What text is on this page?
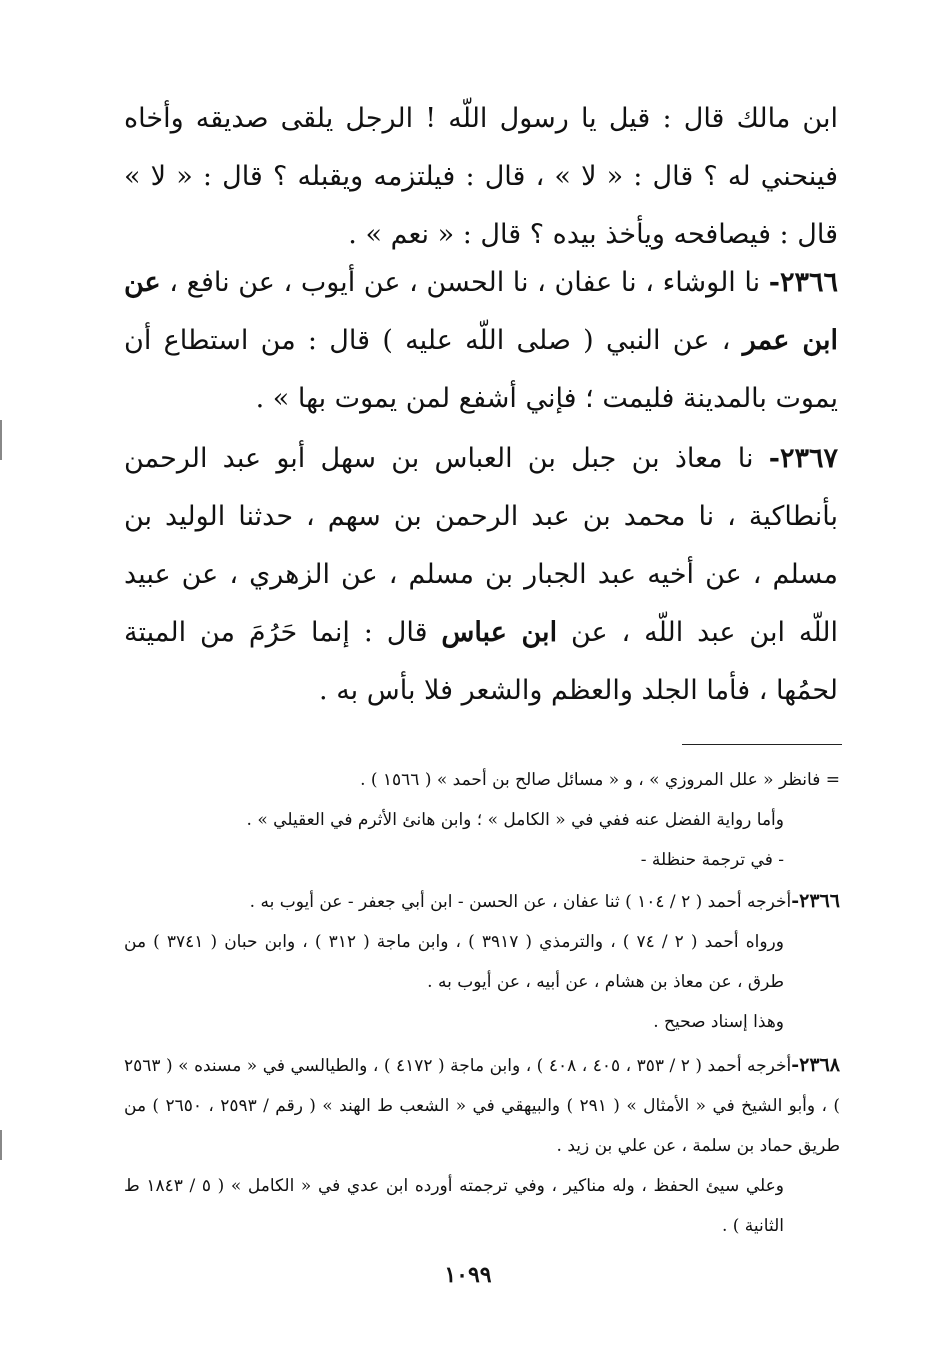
ابن مالك قال : قيل يا رسول اللّه ! الرجل يلقى صديقه وأخاه فينحني له ؟ قال : « لا » ، قال : فيلتزمه ويقبله ؟ قال : « لا » قال : فيصافحه ويأخذ بيده ؟ قال : « نعم » .
٢٣٦٦- نا الوشاء ، نا عفان ، نا الحسن ، عن أيوب ، عن نافع ، عن ابن عمر ، عن النبي ( صلى اللّه عليه ) قال : من استطاع أن يموت بالمدينة فليمت ؛ فإني أشفع لمن يموت بها » .
٢٣٦٧- نا معاذ بن جبل بن العباس بن سهل أبو عبد الرحمن بأنطاكية ، نا محمد بن عبد الرحمن بن سهم ، حدثنا الوليد بن مسلم ، عن أخيه عبد الجبار بن مسلم ، عن الزهري ، عن عبيد اللّه ابن عبد اللّه ، عن ابن عباس قال : إنما حَرُمَ من الميتة لحمُها ، فأما الجلد والعظم والشعر فلا بأس به .
= فانظر « علل المروزي » ، و « مسائل صالح بن أحمد » ( ١٥٦٦ ) .
وأما رواية الفضل عنه ففي في « الكامل » ؛ وابن هانئ الأثرم في العقيلي » .
- في ترجمة حنظلة -
٢٣٦٦-أخرجه أحمد ( ٢ / ١٠٤ ) ثنا عفان ، عن الحسن - ابن أبي جعفر - عن أيوب به .
ورواه أحمد ( ٢ / ٧٤ ) ، والترمذي ( ٣٩١٧ ) ، وابن ماجة ( ٣١٢ ) ، وابن حبان ( ٣٧٤١ ) من طرق ، عن معاذ بن هشام ، عن أبيه ، عن أيوب به .
وهذا إسناد صحيح .
٢٣٦٨-أخرجه أحمد ( ٢ / ٣٥٣ ، ٤٠٥ ، ٤٠٨ ) ، وابن ماجة ( ٤١٧٢ ) ، والطيالسي في « مسنده » ( ٢٥٦٣ ) ، وأبو الشيخ في « الأمثال » ( ٢٩١ ) والبيهقي في « الشعب ط الهند » ( رقم / ٢٥٩٣ ، ٢٦٥٠ ) من طريق حماد بن سلمة ، عن علي بن زيد .
وعلي سيئ الحفظ ، وله مناكير ، وفي ترجمته أورده ابن عدي في « الكامل » ( ٥ / ١٨٤٣ ط الثانية ) .
١٠٩٩
